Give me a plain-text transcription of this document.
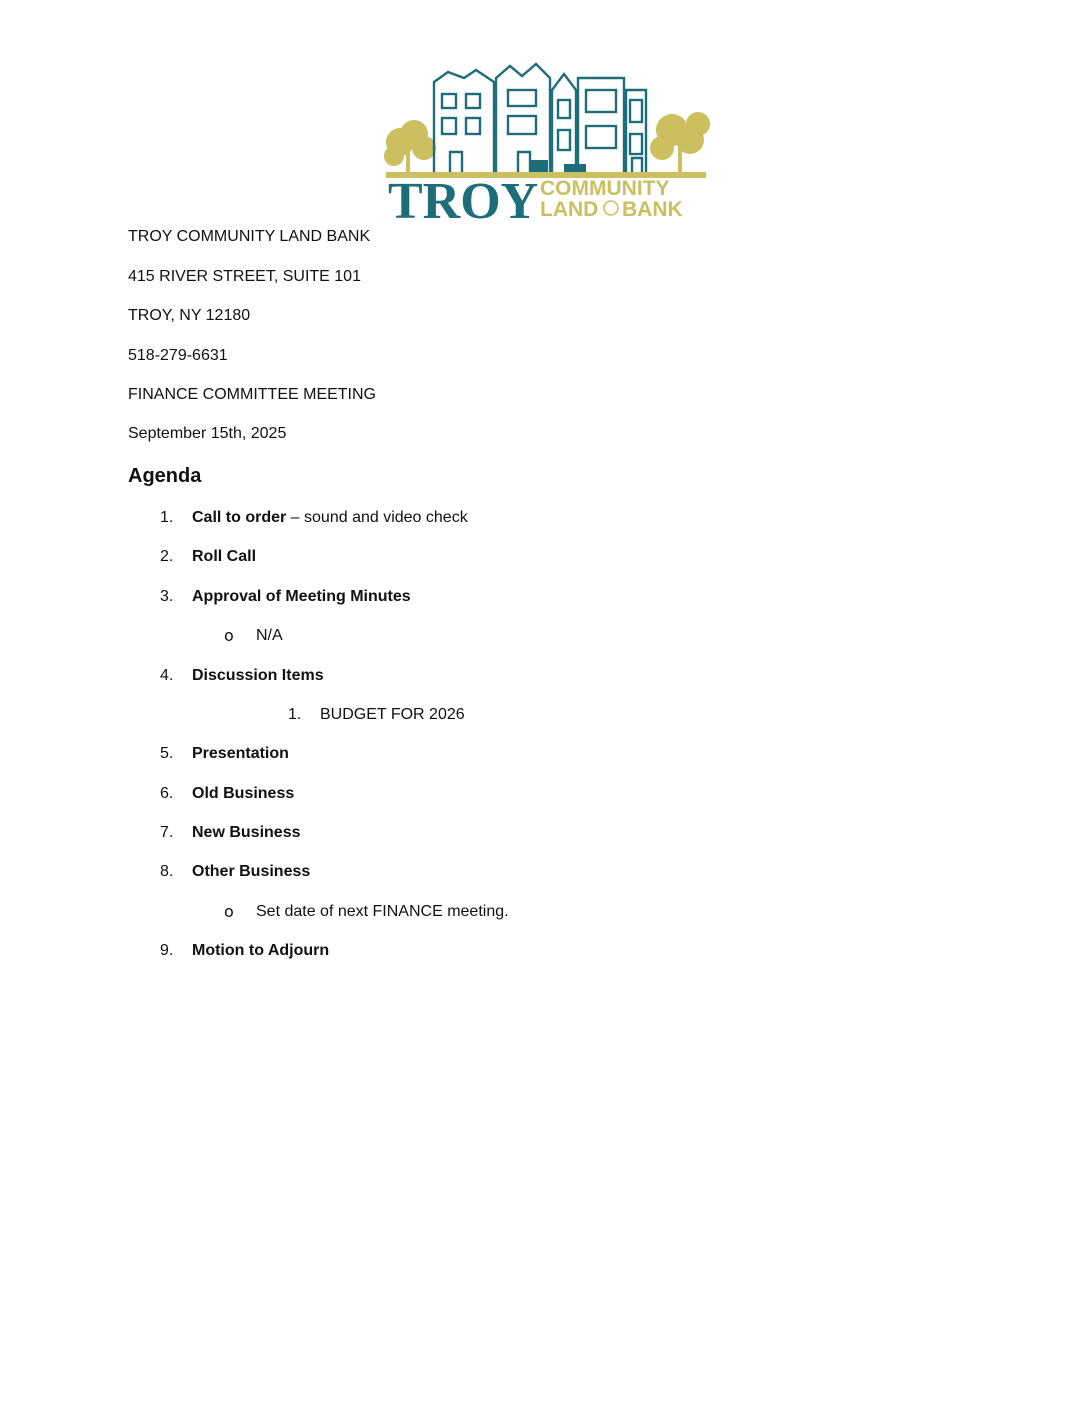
TROY COMMUNITY
LAND BANK
TROY COMMUNITY LAND BANK
415 RIVER STREET, SUITE 101
TROY, NY 12180
518-279-6631
FINANCE COMMITTEE MEETING
September 15th, 2025
Agenda
1. Call to order – sound and video check
2. Roll Call
3. Approval of Meeting Minutes
o N/A
4. Discussion Items
1. BUDGET FOR 2026
5. Presentation
6. Old Business
7. New Business
8. Other Business
o Set date of next FINANCE meeting.
9. Motion to Adjourn
